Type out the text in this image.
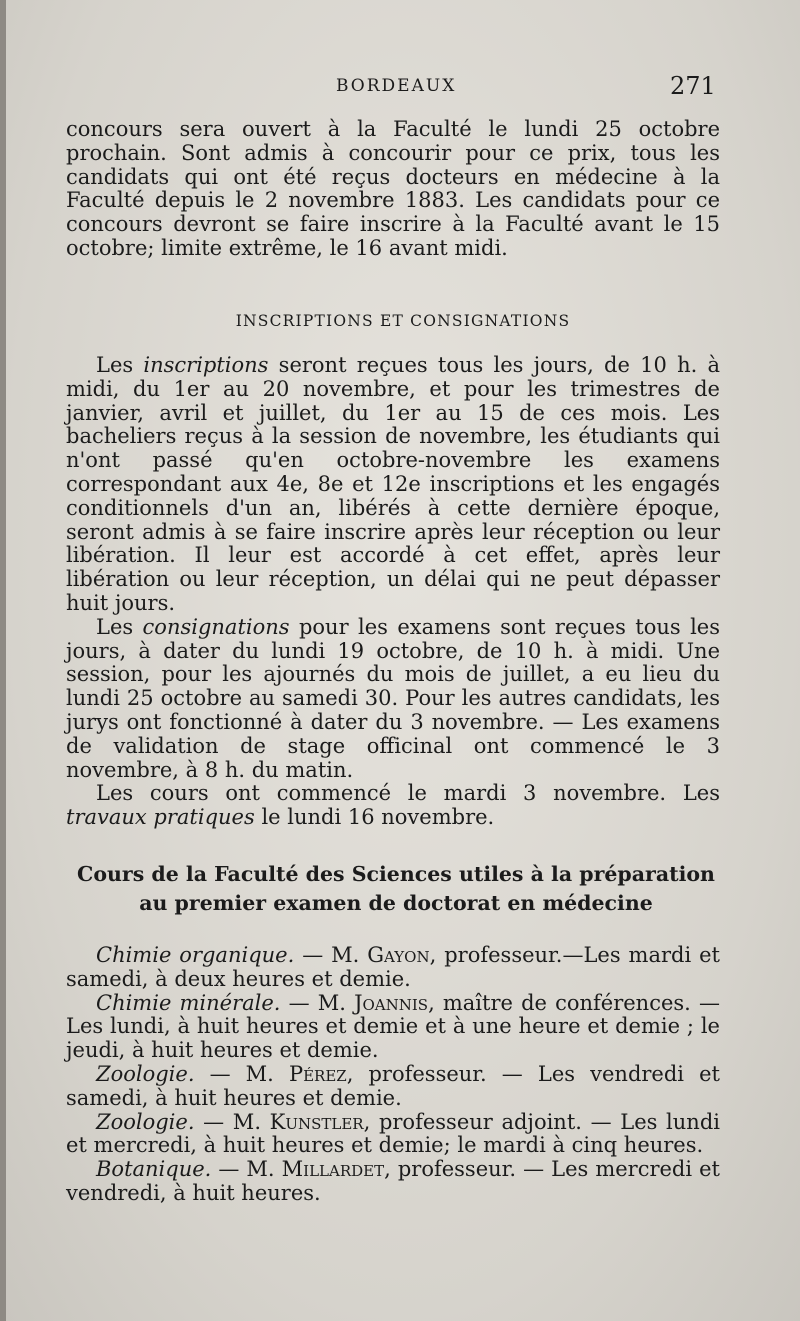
BORDEAUX	271

concours sera ouvert à la Faculté le lundi 25 octobre prochain. Sont admis à concourir pour ce prix, tous les candidats qui ont été reçus docteurs en médecine à la Faculté depuis le 2 novembre 1883. Les candidats pour ce concours devront se faire inscrire à la Faculté avant le 15 octobre; limite extrême, le 16 avant midi.

INSCRIPTIONS ET CONSIGNATIONS

Les inscriptions seront reçues tous les jours, de 10 h. à midi, du 1er au 20 novembre, et pour les trimestres de janvier, avril et juillet, du 1er au 15 de ces mois. Les bacheliers reçus à la session de novembre, les étudiants qui n'ont passé qu'en octobre-novembre les examens correspondant aux 4e, 8e et 12e inscriptions et les engagés conditionnels d'un an, libérés à cette dernière époque, seront admis à se faire inscrire après leur réception ou leur libération. Il leur est accordé à cet effet, après leur libération ou leur réception, un délai qui ne peut dépasser huit jours.

Les consignations pour les examens sont reçues tous les jours, à dater du lundi 19 octobre, de 10 h. à midi. Une session, pour les ajournés du mois de juillet, a eu lieu du lundi 25 octobre au samedi 30. Pour les autres candidats, les jurys ont fonctionné à dater du 3 novembre. — Les examens de validation de stage officinal ont commencé le 3 novembre, à 8 h. du matin.

Les cours ont commencé le mardi 3 novembre. Les travaux pratiques le lundi 16 novembre.

Cours de la Faculté des Sciences utiles à la préparation au premier examen de doctorat en médecine

Chimie organique. — M. Gayon, professeur.—Les mardi et samedi, à deux heures et demie.

Chimie minérale. — M. Joannis, maître de conférences. — Les lundi, à huit heures et demie et à une heure et demie ; le jeudi, à huit heures et demie.

Zoologie. — M. Pérez, professeur. — Les vendredi et samedi, à huit heures et demie.

Zoologie. — M. Kunstler, professeur adjoint. — Les lundi et mercredi, à huit heures et demie; le mardi à cinq heures.

Botanique. — M. Millardet, professeur. — Les mercredi et vendredi, à huit heures.
